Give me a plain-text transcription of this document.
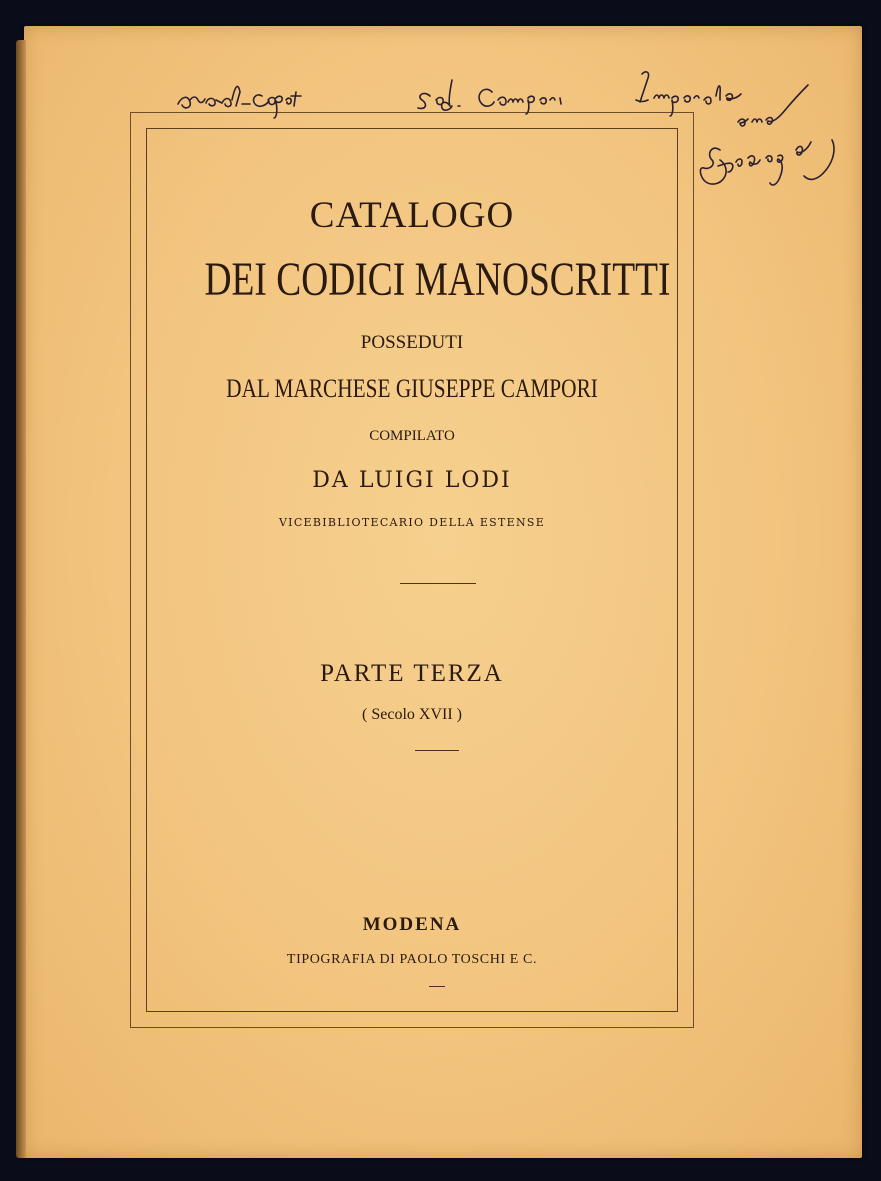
CATALOGO
DEI CODICI MANOSCRITTI
POSSEDUTI
DAL MARCHESE GIUSEPPE CAMPORI
COMPILATO
DA LUIGI LODI
VICEBIBLIOTECARIO DELLA ESTENSE
PARTE TERZA
( Secolo XVII )
MODENA
TIPOGRAFIA DI PAOLO TOSCHI E C.
